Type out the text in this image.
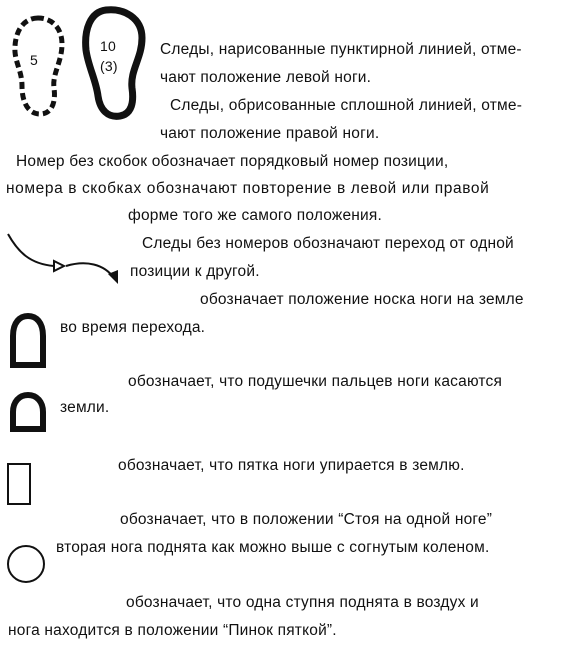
5
10
(3)
Следы, нарисованные пунктирной линией, отме-
чают положение левой ноги.
Следы, обрисованные сплошной линией, отме-
чают положение правой ноги.
Номер без скобок обозначает порядковый номер позиции,
номера в скобках обозначают повторение в левой или правой
форме того же самого положения.
Следы без номеров обозначают переход от одной
позиции к другой.
обозначает положение носка ноги на земле
во время перехода.
обозначает, что подушечки пальцев ноги касаются
земли.
обозначает, что пятка ноги упирается в землю.
обозначает, что в положении “Стоя на одной ноге”
вторая нога поднята как можно выше с согнутым коленом.
обозначает, что одна ступня поднята в воздух и
нога находится в положении “Пинок пяткой”.
